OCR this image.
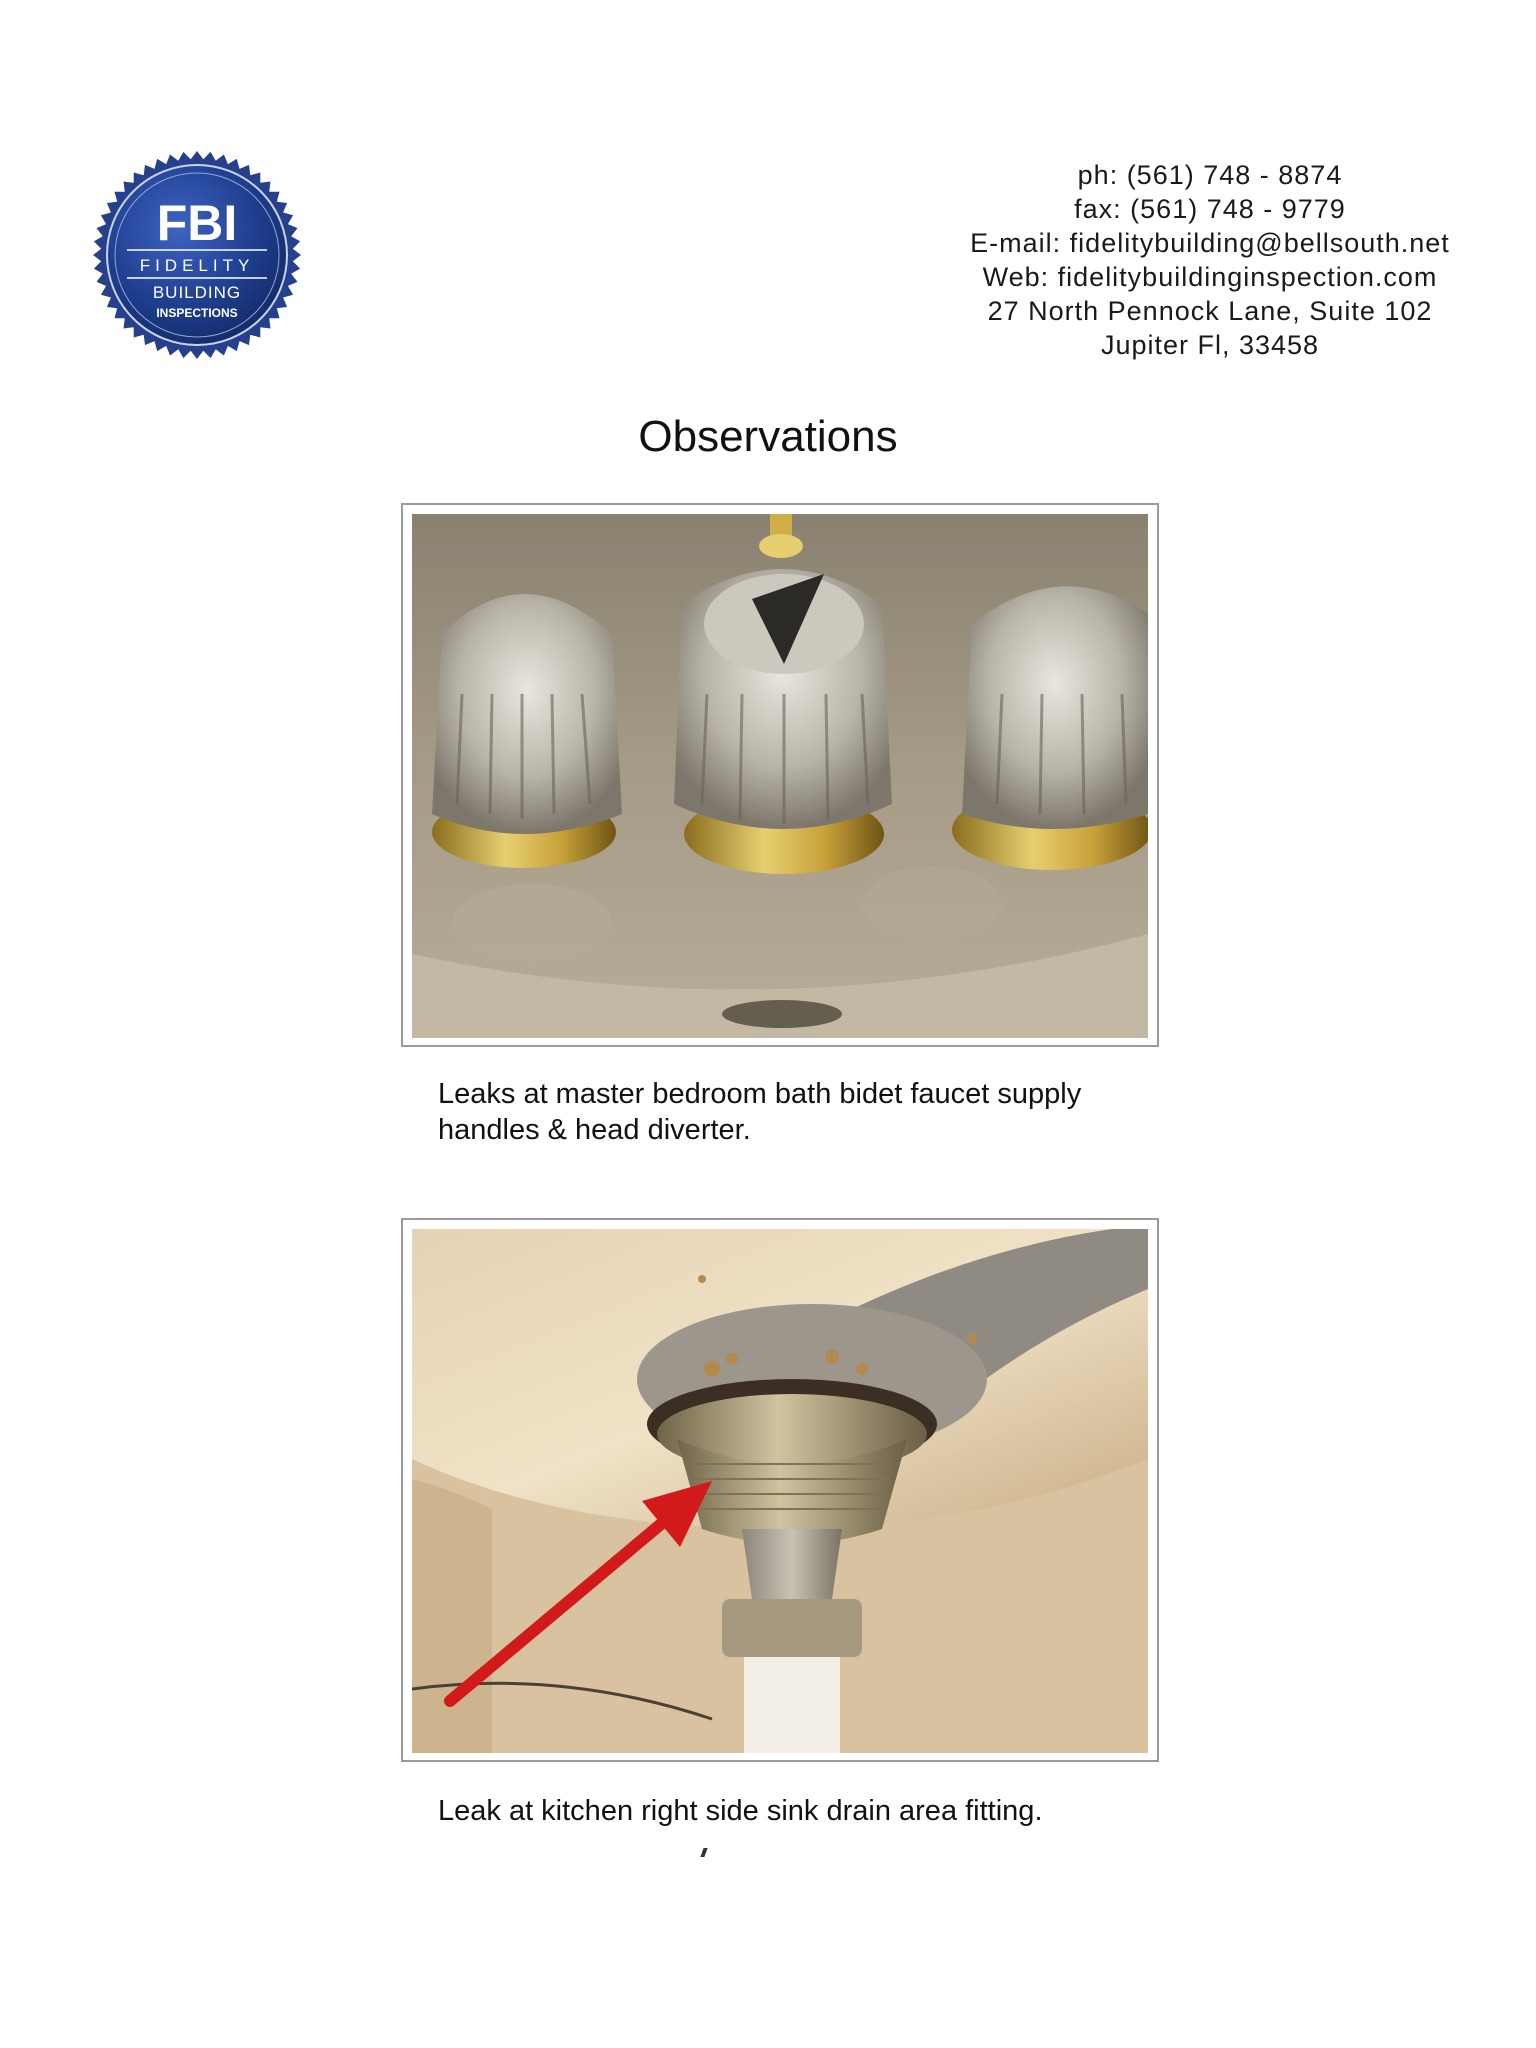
FBI
FIDELITY
BUILDING
INSPECTIONS
ph: (561) 748 - 8874
fax: (561) 748 - 9779
E-mail: fidelitybuilding@bellsouth.net
Web: fidelitybuildinginspection.com
27 North Pennock Lane, Suite 102
Jupiter Fl, 33458
Observations
Leaks at master bedroom bath bidet faucet supply handles & head diverter.
Leak at kitchen right side sink drain area fitting.
